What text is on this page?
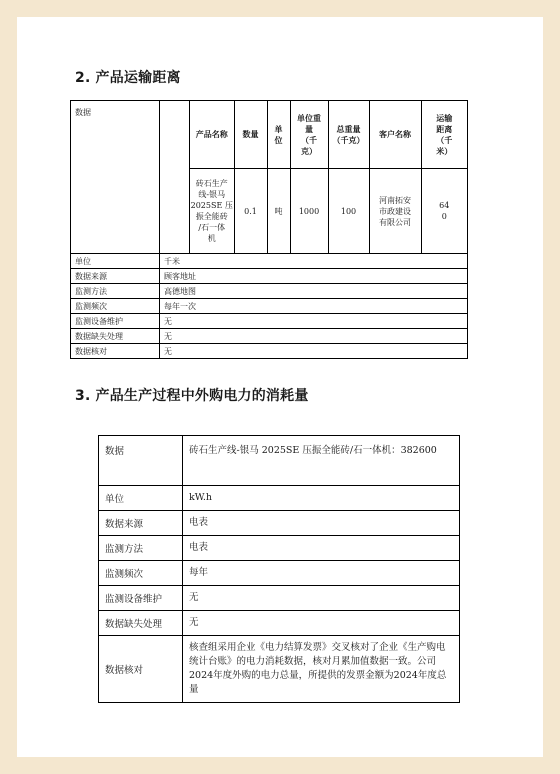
2. 产品运输距离
数据		
产品名称	数量	单
位	单位重
量
（千
克）	总重量
（千克）	客户名称	运输
距离
（千
米）
砖石生产
线-银马
2025SE 压
振全能砖
/石一体
机	0.1	吨	1000	100	河南拓安
市政建设
有限公司	64
0

单位	千米
数据来源	顾客地址
监测方法	高德地图
监测频次	每年一次
监测设备维护	无
数据缺失处理	无
数据核对	无
3. 产品生产过程中外购电力的消耗量
数据	砖石生产线-银马 2025SE 压振全能砖/石一体机：382600
单位	kW.h
数据来源	电表
监测方法	电表
监测频次	每年
监测设备维护	无
数据缺失处理	无
数据核对	核查组采用企业《电力结算发票》交叉核对了企业《生产购电统计台账》的电力消耗数据，核对月累加值数据一致。公司2024年度外购的电力总量，所提供的发票金额为2024年度总量
